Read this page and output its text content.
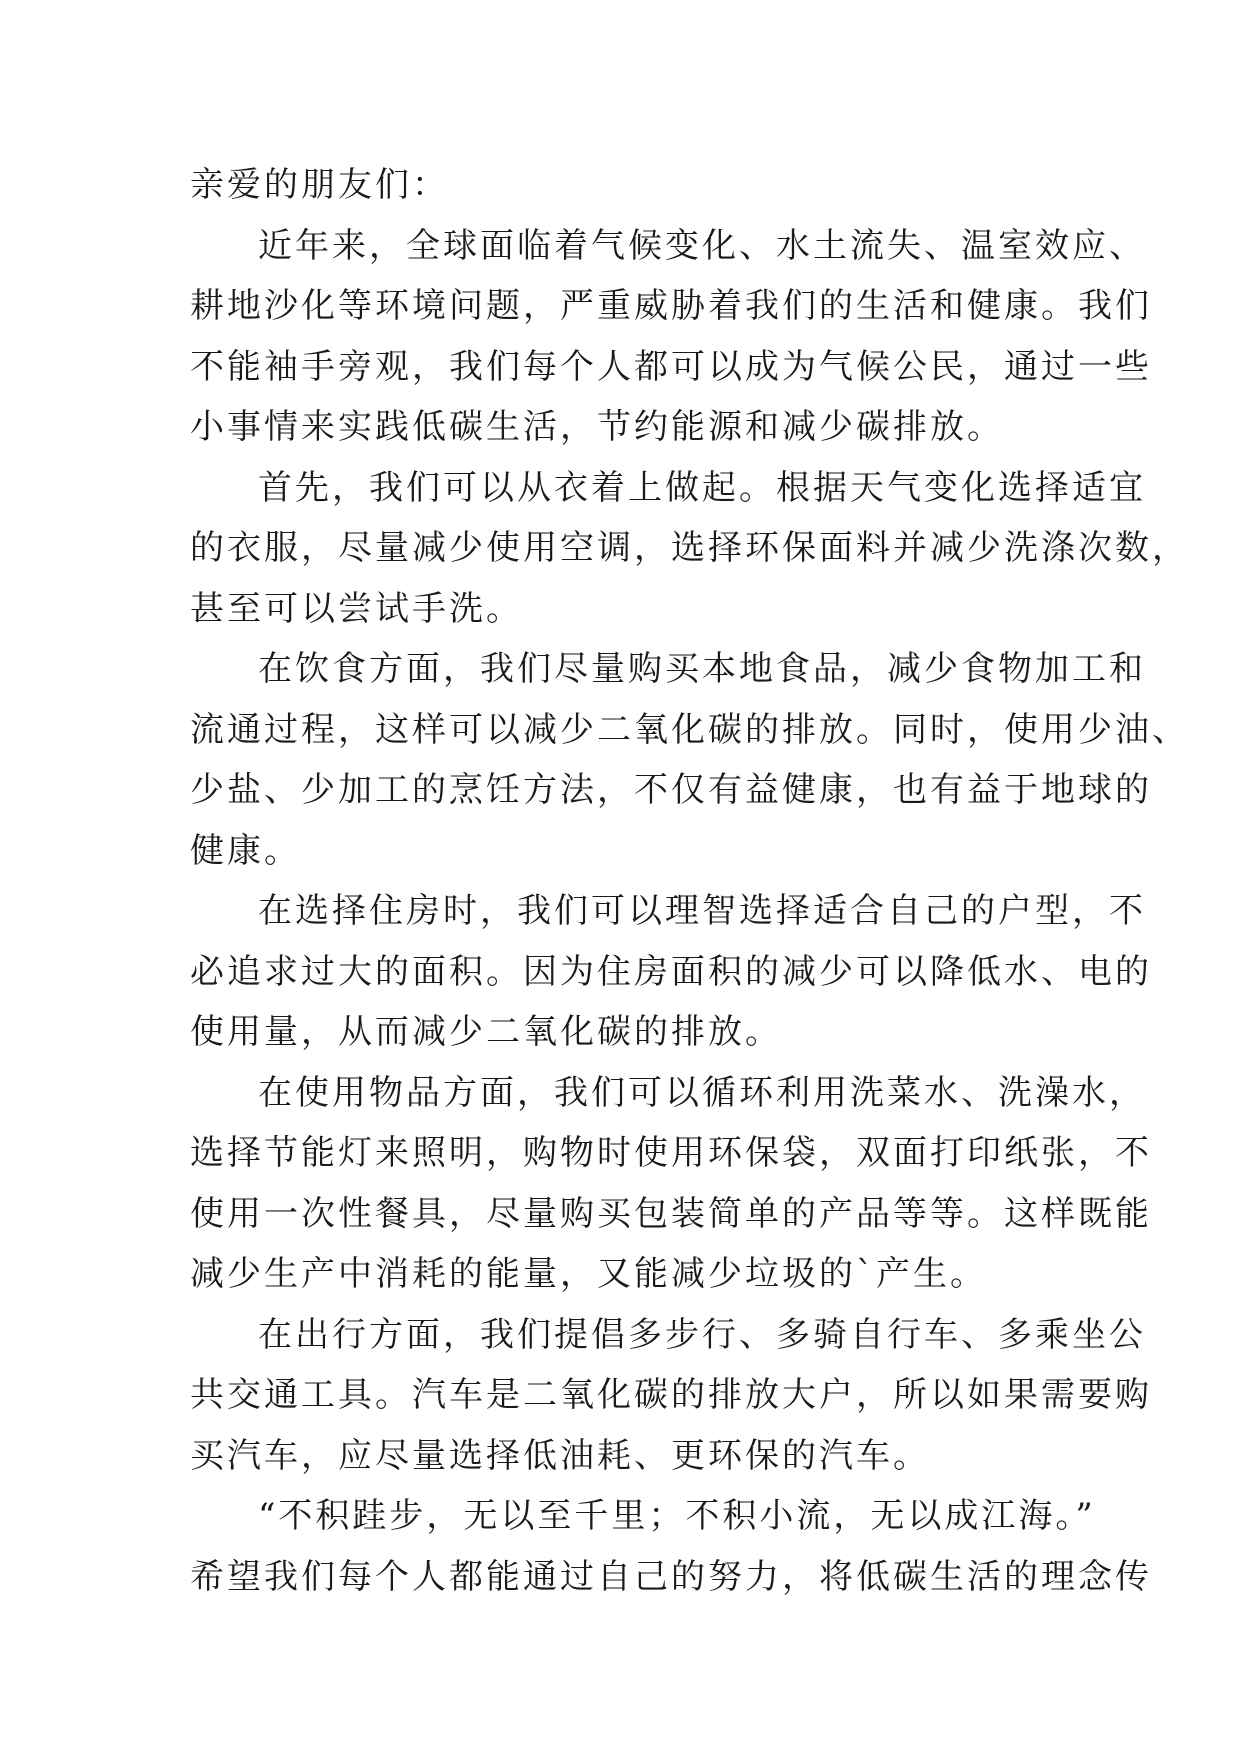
亲爱的朋友们：
近年来，全球面临着气候变化、水土流失、温室效应、
耕地沙化等环境问题，严重威胁着我们的生活和健康。我们
不能袖手旁观，我们每个人都可以成为气候公民，通过一些
小事情来实践低碳生活，节约能源和减少碳排放。
首先，我们可以从衣着上做起。根据天气变化选择适宜
的衣服，尽量减少使用空调，选择环保面料并减少洗涤次数，
甚至可以尝试手洗。
在饮食方面，我们尽量购买本地食品，减少食物加工和
流通过程，这样可以减少二氧化碳的排放。同时，使用少油、
少盐、少加工的烹饪方法，不仅有益健康，也有益于地球的
健康。
在选择住房时，我们可以理智选择适合自己的户型，不
必追求过大的面积。因为住房面积的减少可以降低水、电的
使用量，从而减少二氧化碳的排放。
在使用物品方面，我们可以循环利用洗菜水、洗澡水，
选择节能灯来照明，购物时使用环保袋，双面打印纸张，不
使用一次性餐具，尽量购买包装简单的产品等等。这样既能
减少生产中消耗的能量，又能减少垃圾的`产生。
在出行方面，我们提倡多步行、多骑自行车、多乘坐公
共交通工具。汽车是二氧化碳的排放大户，所以如果需要购
买汽车，应尽量选择低油耗、更环保的汽车。
“不积跬步，无以至千里；不积小流，无以成江海。”
希望我们每个人都能通过自己的努力，将低碳生活的理念传
